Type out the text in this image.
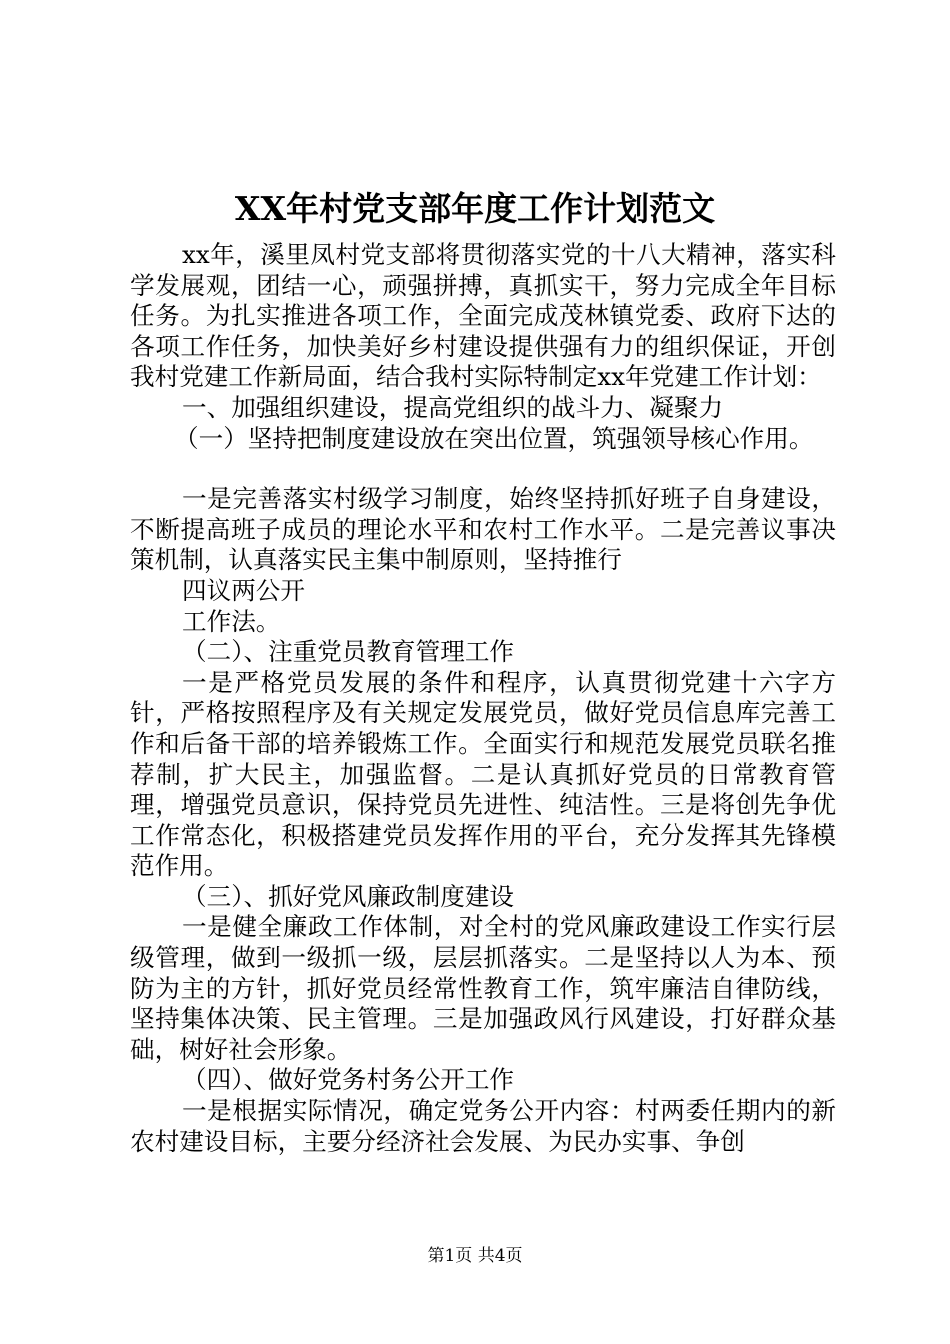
XX年村党支部年度工作计划范文

xx年，溪里凤村党支部将贯彻落实党的十八大精神，落实科学发展观，团结一心，顽强拼搏，真抓实干，努力完成全年目标任务。为扎实推进各项工作，全面完成茂林镇党委、政府下达的各项工作任务，加快美好乡村建设提供强有力的组织保证，开创我村党建工作新局面，结合我村实际特制定xx年党建工作计划：

一、加强组织建设，提高党组织的战斗力、凝聚力

（一）坚持把制度建设放在突出位置，筑强领导核心作用。

一是完善落实村级学习制度，始终坚持抓好班子自身建设，不断提高班子成员的理论水平和农村工作水平。二是完善议事决策机制，认真落实民主集中制原则，坚持推行

四议两公开

工作法。

（二）、注重党员教育管理工作

一是严格党员发展的条件和程序，认真贯彻党建十六字方针，严格按照程序及有关规定发展党员，做好党员信息库完善工作和后备干部的培养锻炼工作。全面实行和规范发展党员联名推荐制，扩大民主，加强监督。二是认真抓好党员的日常教育管理，增强党员意识，保持党员先进性、纯洁性。三是将创先争优工作常态化，积极搭建党员发挥作用的平台，充分发挥其先锋模范作用。

（三）、抓好党风廉政制度建设

一是健全廉政工作体制，对全村的党风廉政建设工作实行层级管理，做到一级抓一级，层层抓落实。二是坚持以人为本、预防为主的方针，抓好党员经常性教育工作，筑牢廉洁自律防线，坚持集体决策、民主管理。三是加强政风行风建设，打好群众基础，树好社会形象。

（四）、做好党务村务公开工作

一是根据实际情况，确定党务公开内容：村两委任期内的新农村建设目标，主要分经济社会发展、为民办实事、争创

第1页 共4页
